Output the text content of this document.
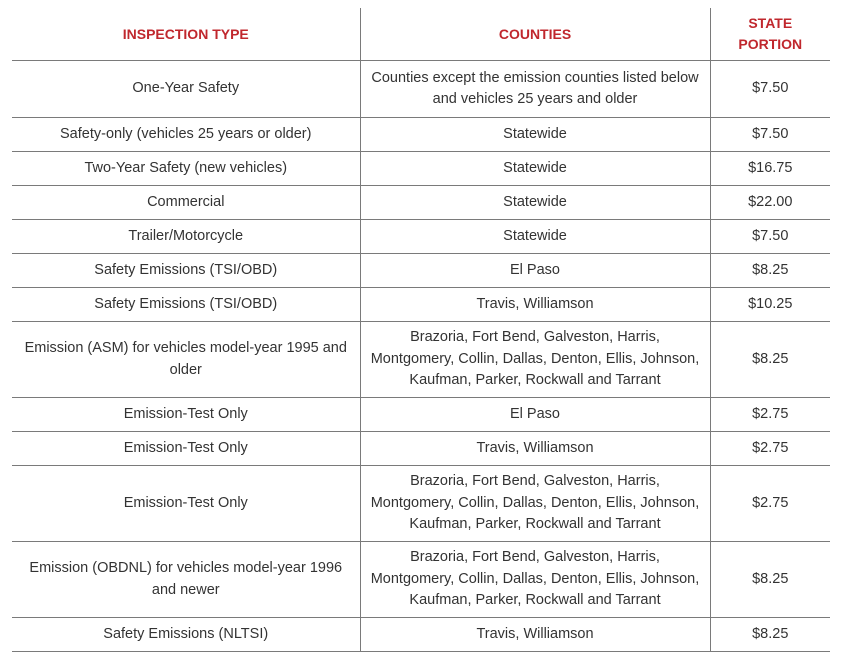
INSPECTION TYPE	COUNTIES	STATE PORTION
One-Year Safety	Counties except the emission counties listed below and vehicles 25 years and older	$7.50
Safety-only (vehicles 25 years or older)	Statewide	$7.50
Two-Year Safety (new vehicles)	Statewide	$16.75
Commercial	Statewide	$22.00
Trailer/Motorcycle	Statewide	$7.50
Safety Emissions (TSI/OBD)	El Paso	$8.25
Safety Emissions (TSI/OBD)	Travis, Williamson	$10.25
Emission (ASM) for vehicles model-year 1995 and older	Brazoria, Fort Bend, Galveston, Harris, Montgomery, Collin, Dallas, Denton, Ellis, Johnson, Kaufman, Parker, Rockwall and Tarrant	$8.25
Emission-Test Only	El Paso	$2.75
Emission-Test Only	Travis, Williamson	$2.75
Emission-Test Only	Brazoria, Fort Bend, Galveston, Harris, Montgomery, Collin, Dallas, Denton, Ellis, Johnson, Kaufman, Parker, Rockwall and Tarrant	$2.75
Emission (OBDNL) for vehicles model-year 1996 and newer	Brazoria, Fort Bend, Galveston, Harris, Montgomery, Collin, Dallas, Denton, Ellis, Johnson, Kaufman, Parker, Rockwall and Tarrant	$8.25
Safety Emissions (NLTSI)	Travis, Williamson	$8.25
